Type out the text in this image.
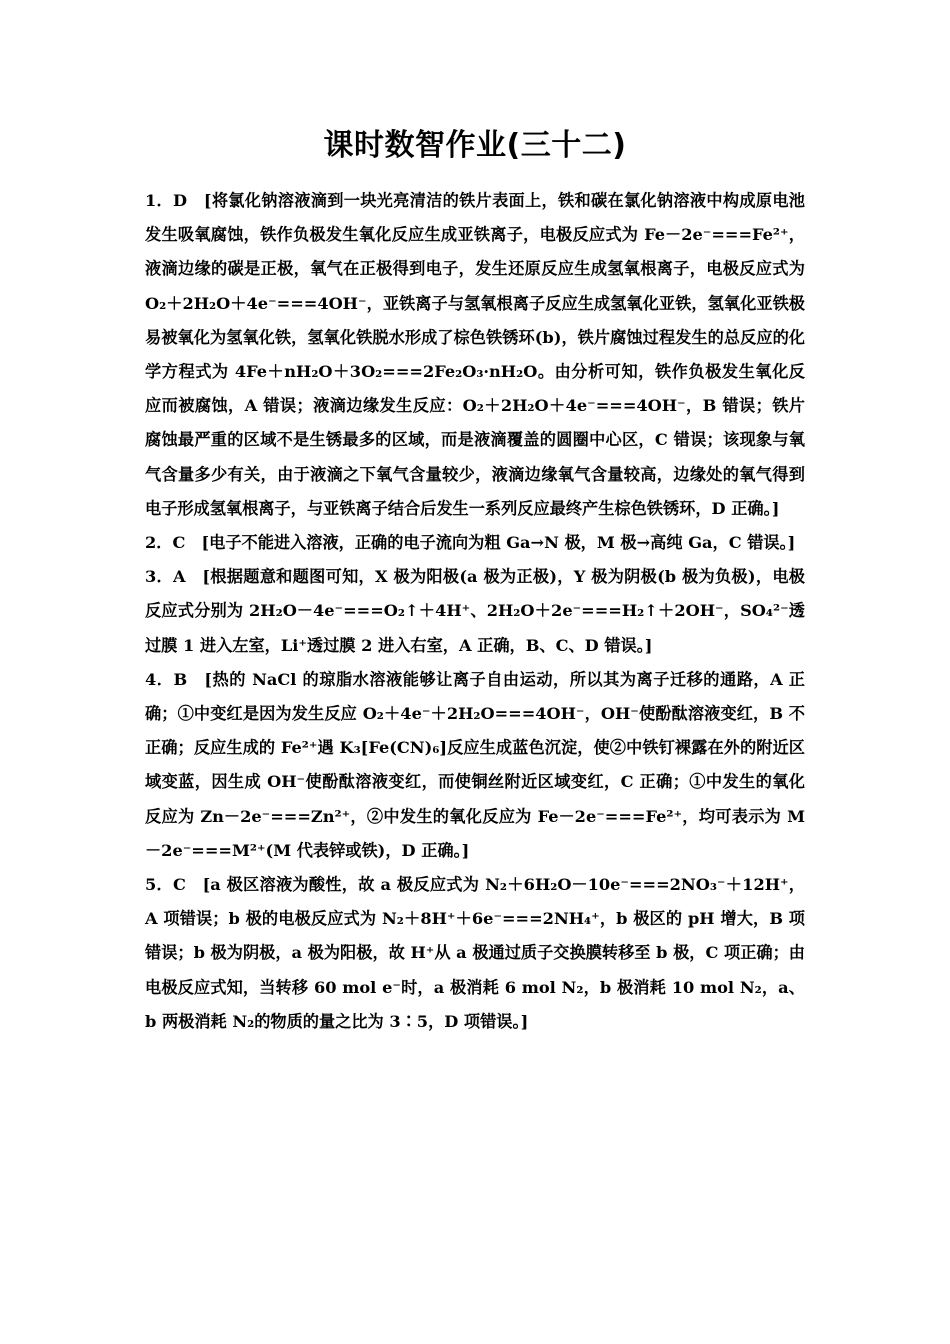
课时数智作业(三十二)

1．D　[将氯化钠溶液滴到一块光亮清洁的铁片表面上，铁和碳在氯化钠溶液中构成原电池发生吸氧腐蚀，铁作负极发生氧化反应生成亚铁离子，电极反应式为 Fe－2e⁻===Fe²⁺，液滴边缘的碳是正极，氧气在正极得到电子，发生还原反应生成氢氧根离子，电极反应式为 O₂＋2H₂O＋4e⁻===4OH⁻，亚铁离子与氢氧根离子反应生成氢氧化亚铁，氢氧化亚铁极易被氧化为氢氧化铁，氢氧化铁脱水形成了棕色铁锈环(b)，铁片腐蚀过程发生的总反应的化学方程式为 4Fe＋nH₂O＋3O₂===2Fe₂O₃·nH₂O。由分析可知，铁作负极发生氧化反应而被腐蚀，A 错误；液滴边缘发生反应：O₂＋2H₂O＋4e⁻===4OH⁻，B 错误；铁片腐蚀最严重的区域不是生锈最多的区域，而是液滴覆盖的圆圈中心区，C 错误；该现象与氧气含量多少有关，由于液滴之下氧气含量较少，液滴边缘氧气含量较高，边缘处的氧气得到电子形成氢氧根离子，与亚铁离子结合后发生一系列反应最终产生棕色铁锈环，D 正确。]

2．C　[电子不能进入溶液，正确的电子流向为粗 Ga→N 极，M 极→高纯 Ga，C 错误。]

3．A　[根据题意和题图可知，X 极为阳极(a 极为正极)，Y 极为阴极(b 极为负极)，电极反应式分别为 2H₂O－4e⁻===O₂↑＋4H⁺、2H₂O＋2e⁻===H₂↑＋2OH⁻，SO₄²⁻透过膜 1 进入左室，Li⁺透过膜 2 进入右室，A 正确，B、C、D 错误。]

4．B　[热的 NaCl 的琼脂水溶液能够让离子自由运动，所以其为离子迁移的通路，A 正确；①中变红是因为发生反应 O₂＋4e⁻＋2H₂O===4OH⁻，OH⁻使酚酞溶液变红，B 不正确；反应生成的 Fe²⁺遇 K₃[Fe(CN)₆]反应生成蓝色沉淀，使②中铁钉裸露在外的附近区域变蓝，因生成 OH⁻使酚酞溶液变红，而使铜丝附近区域变红，C 正确；①中发生的氧化反应为 Zn－2e⁻===Zn²⁺，②中发生的氧化反应为 Fe－2e⁻===Fe²⁺，均可表示为 M－2e⁻===M²⁺(M 代表锌或铁)，D 正确。]

5．C　[a 极区溶液为酸性，故 a 极反应式为 N₂＋6H₂O－10e⁻===2NO₃⁻＋12H⁺，A 项错误；b 极的电极反应式为 N₂＋8H⁺＋6e⁻===2NH₄⁺，b 极区的 pH 增大，B 项错误；b 极为阴极，a 极为阳极，故 H⁺从 a 极通过质子交换膜转移至 b 极，C 项正确；由电极反应式知，当转移 60 mol e⁻时，a 极消耗 6 mol N₂，b 极消耗 10 mol N₂，a、b 两极消耗 N₂的物质的量之比为 3∶5，D 项错误。]
